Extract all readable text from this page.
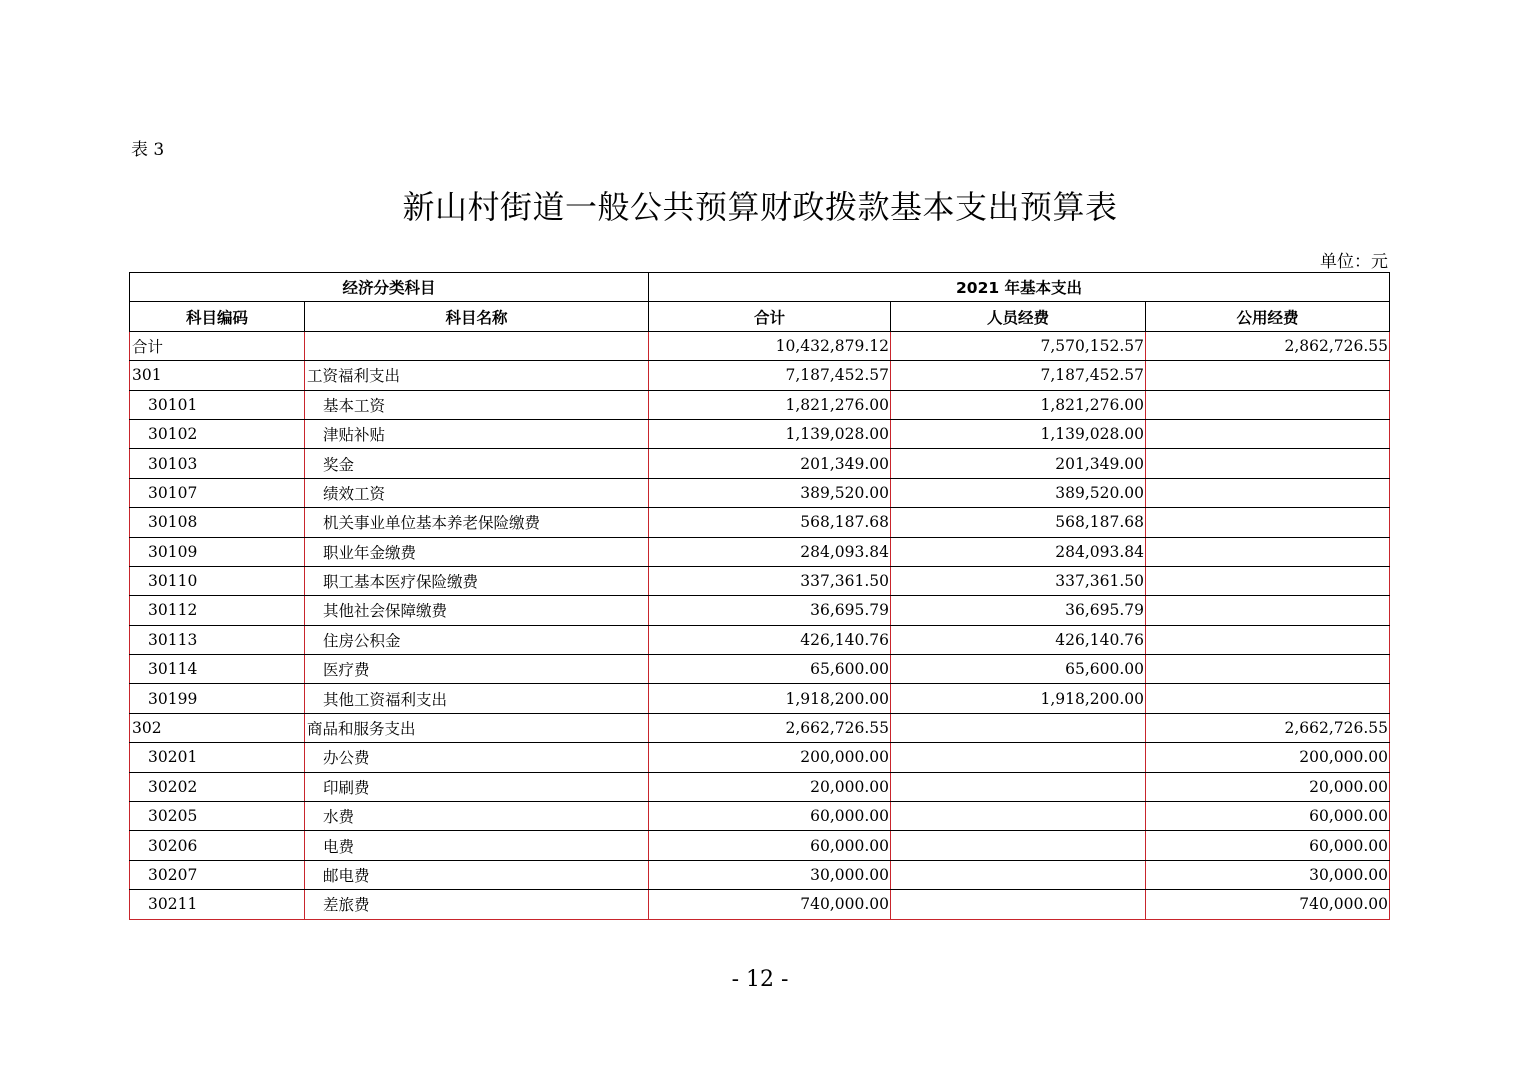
表 3
新山村街道一般公共预算财政拨款基本支出预算表
单位：元
经济分类科目		2021 年基本支出		
科目编码	科目名称	合计	人员经费	公用经费
合计		10,432,879.12	7,570,152.57	2,862,726.55
301	工资福利支出	7,187,452.57	7,187,452.57	
30101	基本工资	1,821,276.00	1,821,276.00	
30102	津贴补贴	1,139,028.00	1,139,028.00	
30103	奖金	201,349.00	201,349.00	
30107	绩效工资	389,520.00	389,520.00	
30108	机关事业单位基本养老保险缴费	568,187.68	568,187.68	
30109	职业年金缴费	284,093.84	284,093.84	
30110	职工基本医疗保险缴费	337,361.50	337,361.50	
30112	其他社会保障缴费	36,695.79	36,695.79	
30113	住房公积金	426,140.76	426,140.76	
30114	医疗费	65,600.00	65,600.00	
30199	其他工资福利支出	1,918,200.00	1,918,200.00	
302	商品和服务支出	2,662,726.55		2,662,726.55
30201	办公费	200,000.00		200,000.00
30202	印刷费	20,000.00		20,000.00
30205	水费	60,000.00		60,000.00
30206	电费	60,000.00		60,000.00
30207	邮电费	30,000.00		30,000.00
30211	差旅费	740,000.00		740,000.00
- 12 -
